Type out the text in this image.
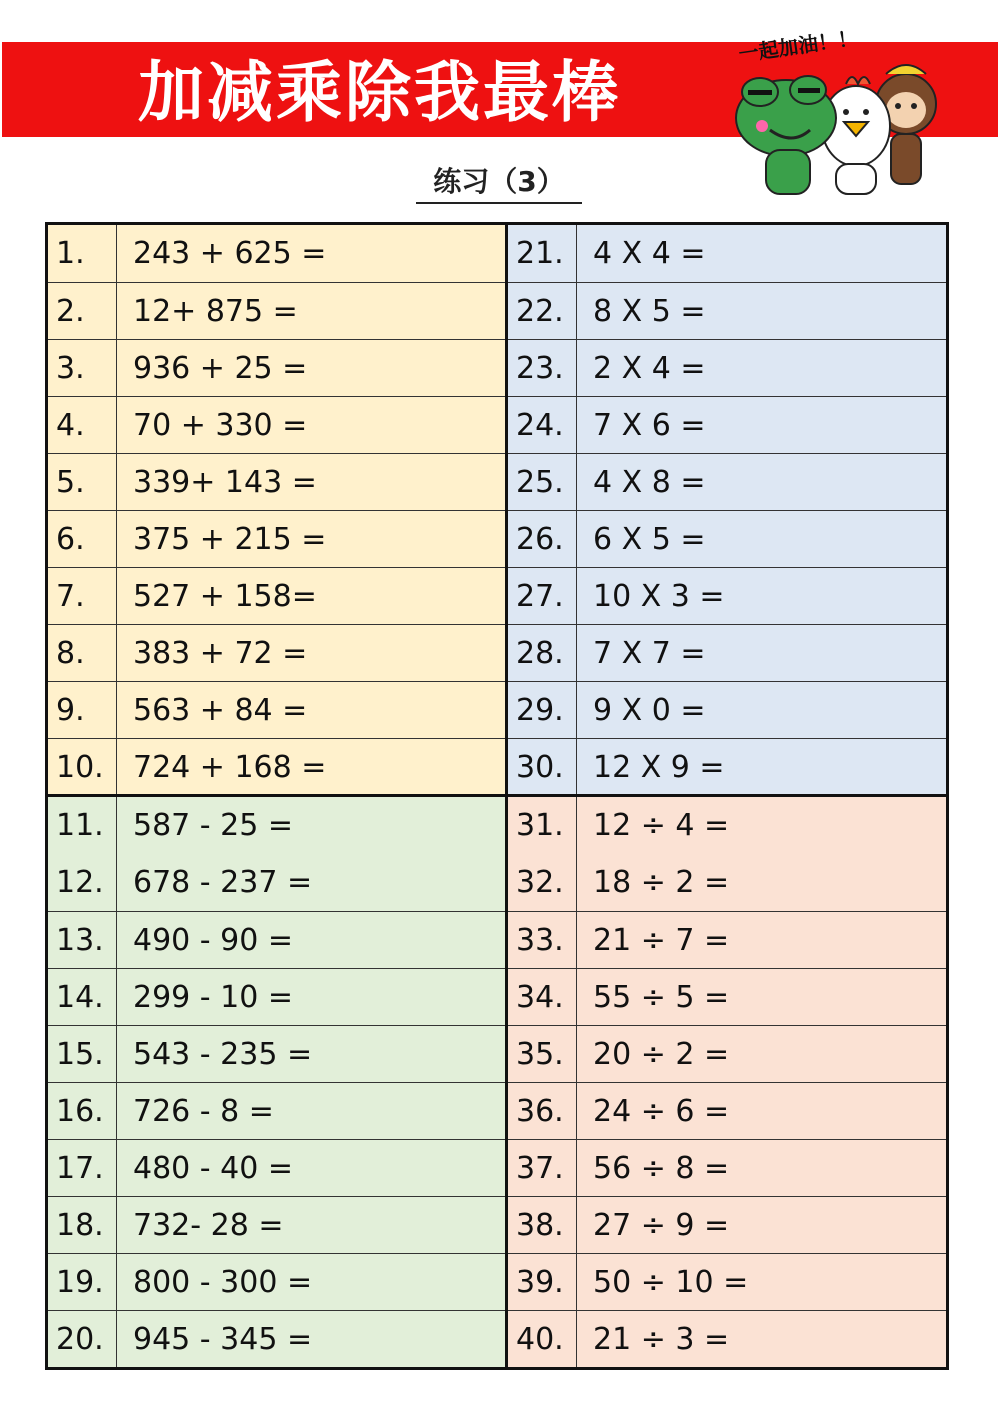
加减乘除我最棒
一起加油！！
练习（3）
1.	243 + 625 =
2.	12+ 875 =
3.	936 + 25 =
4.	70 + 330 =
5.	339+ 143 =
6.	375 + 215 =
7.	527 + 158=
8.	383 + 72 =
9.	563 + 84 =
10. 724 + 168 =
21. 4 X 4 =
22. 8 X 5 =
23. 2 X 4 =
24. 7 X 6 =
25. 4 X 8 =
26. 6 X 5 =
27. 10 X 3 =
28. 7 X 7 =
29. 9 X 0 =
30. 12 X 9 =
11. 587 - 25 =
12. 678 - 237 =
13. 490 - 90 =
14. 299 - 10 =
15. 543 - 235 =
16. 726 - 8 =
17. 480 - 40 =
18. 732- 28 =
19. 800 - 300 =
20. 945 - 345 =
31. 12 ÷ 4 =
32. 18 ÷ 2 =
33. 21 ÷ 7 =
34. 55 ÷ 5 =
35. 20 ÷ 2 =
36. 24 ÷ 6 =
37. 56 ÷ 8 =
38. 27 ÷ 9 =
39. 50 ÷ 10 =
40. 21 ÷ 3 =
